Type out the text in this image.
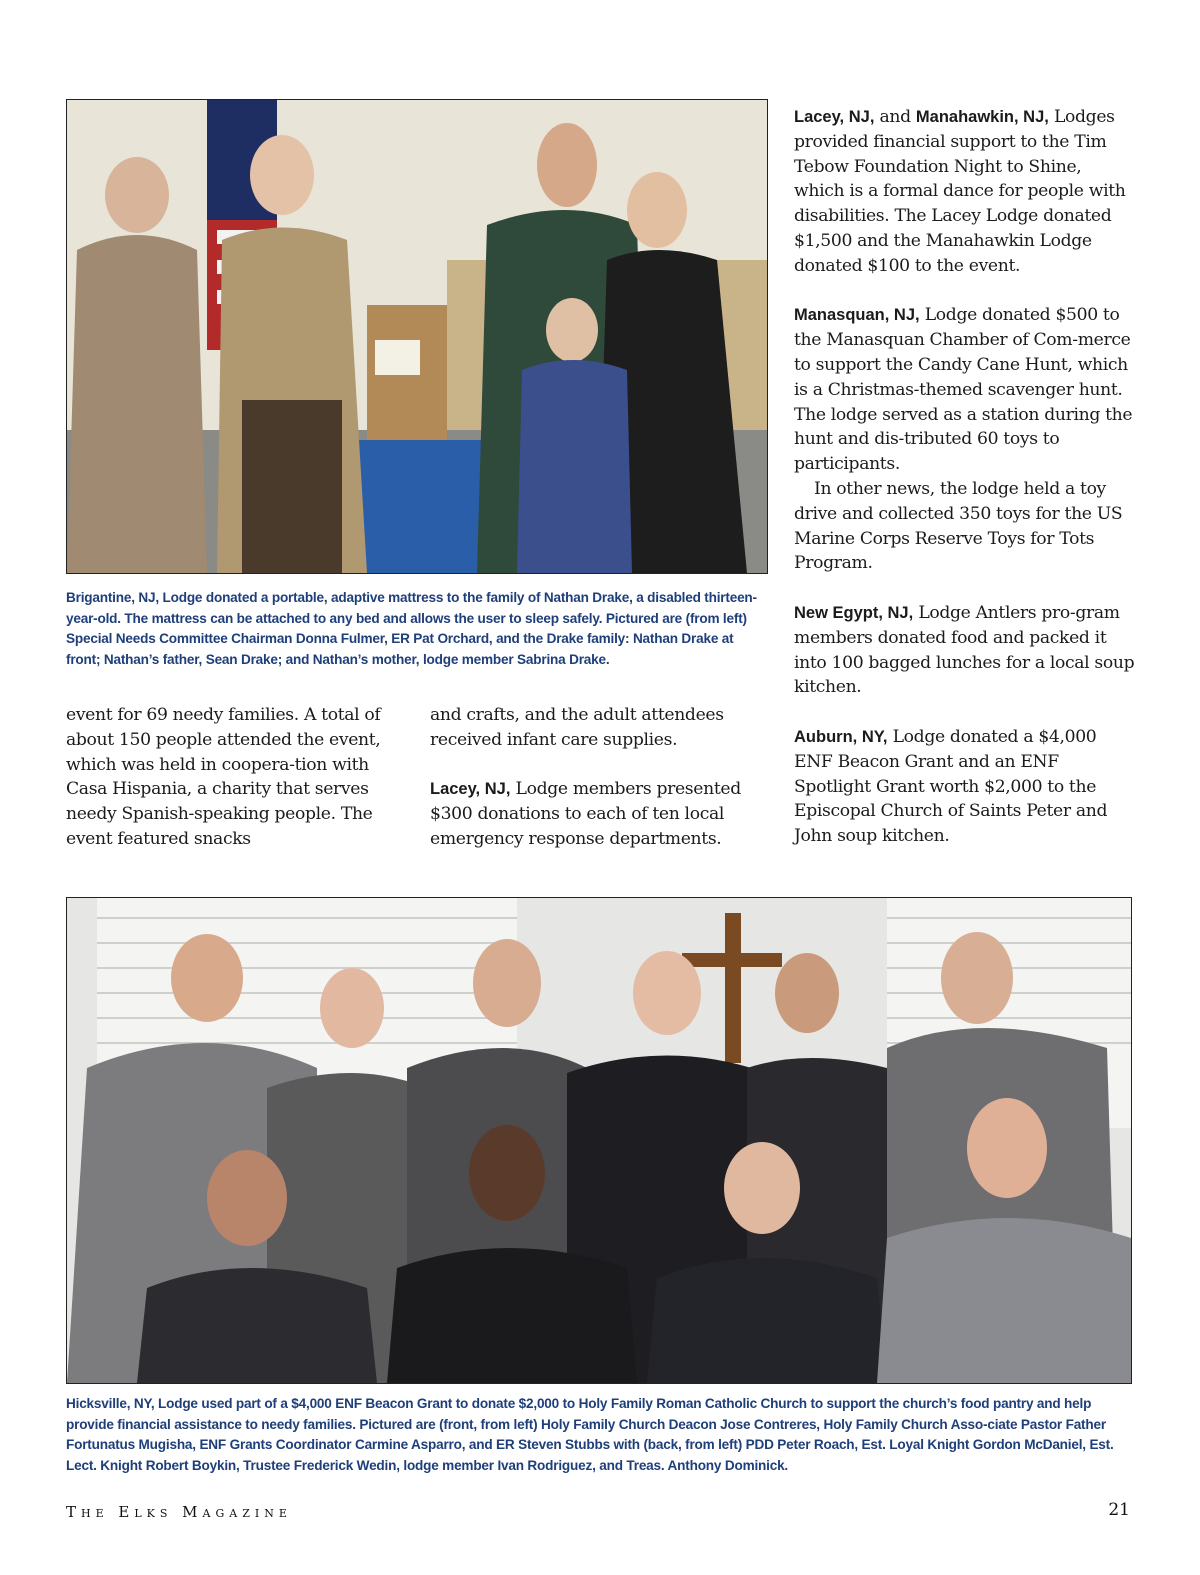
Brigantine, NJ, Lodge donated a portable, adaptive mattress to the family of Nathan Drake, a disabled thirteen-year-old. The mattress can be attached to any bed and allows the user to sleep safely. Pictured are (from left) Special Needs Committee Chairman Donna Fulmer, ER Pat Orchard, and the Drake family: Nathan Drake at front; Nathan’s father, Sean Drake; and Nathan’s mother, lodge member Sabrina Drake.

event for 69 needy families. A total of about 150 people attended the event, which was held in coopera-tion with Casa Hispania, a charity that serves needy Spanish-speaking people. The event featured snacks

and crafts, and the adult attendees received infant care supplies.

Lacey, NJ, Lodge members presented $300 donations to each of ten local emergency response departments.

Lacey, NJ, and Manahawkin, NJ, Lodges provided financial support to the Tim Tebow Foundation Night to Shine, which is a formal dance for people with disabilities. The Lacey Lodge donated $1,500 and the Manahawkin Lodge donated $100 to the event.

Manasquan, NJ, Lodge donated $500 to the Manasquan Chamber of Com-merce to support the Candy Cane Hunt, which is a Christmas-themed scavenger hunt. The lodge served as a station during the hunt and dis-tributed 60 toys to participants.

In other news, the lodge held a toy drive and collected 350 toys for the US Marine Corps Reserve Toys for Tots Program.

New Egypt, NJ, Lodge Antlers pro-gram members donated food and packed it into 100 bagged lunches for a local soup kitchen.

Auburn, NY, Lodge donated a $4,000 ENF Beacon Grant and an ENF Spotlight Grant worth $2,000 to the Episcopal Church of Saints Peter and John soup kitchen.

Hicksville, NY, Lodge used part of a $4,000 ENF Beacon Grant to donate $2,000 to Holy Family Roman Catholic Church to support the church’s food pantry and help provide financial assistance to needy families. Pictured are (front, from left) Holy Family Church Deacon Jose Contreres, Holy Family Church Asso-ciate Pastor Father Fortunatus Mugisha, ENF Grants Coordinator Carmine Asparro, and ER Steven Stubbs with (back, from left) PDD Peter Roach, Est. Loyal Knight Gordon McDaniel, Est. Lect. Knight Robert Boykin, Trustee Frederick Wedin, lodge member Ivan Rodriguez, and Treas. Anthony Dominick.
The Elks Magazine	21
